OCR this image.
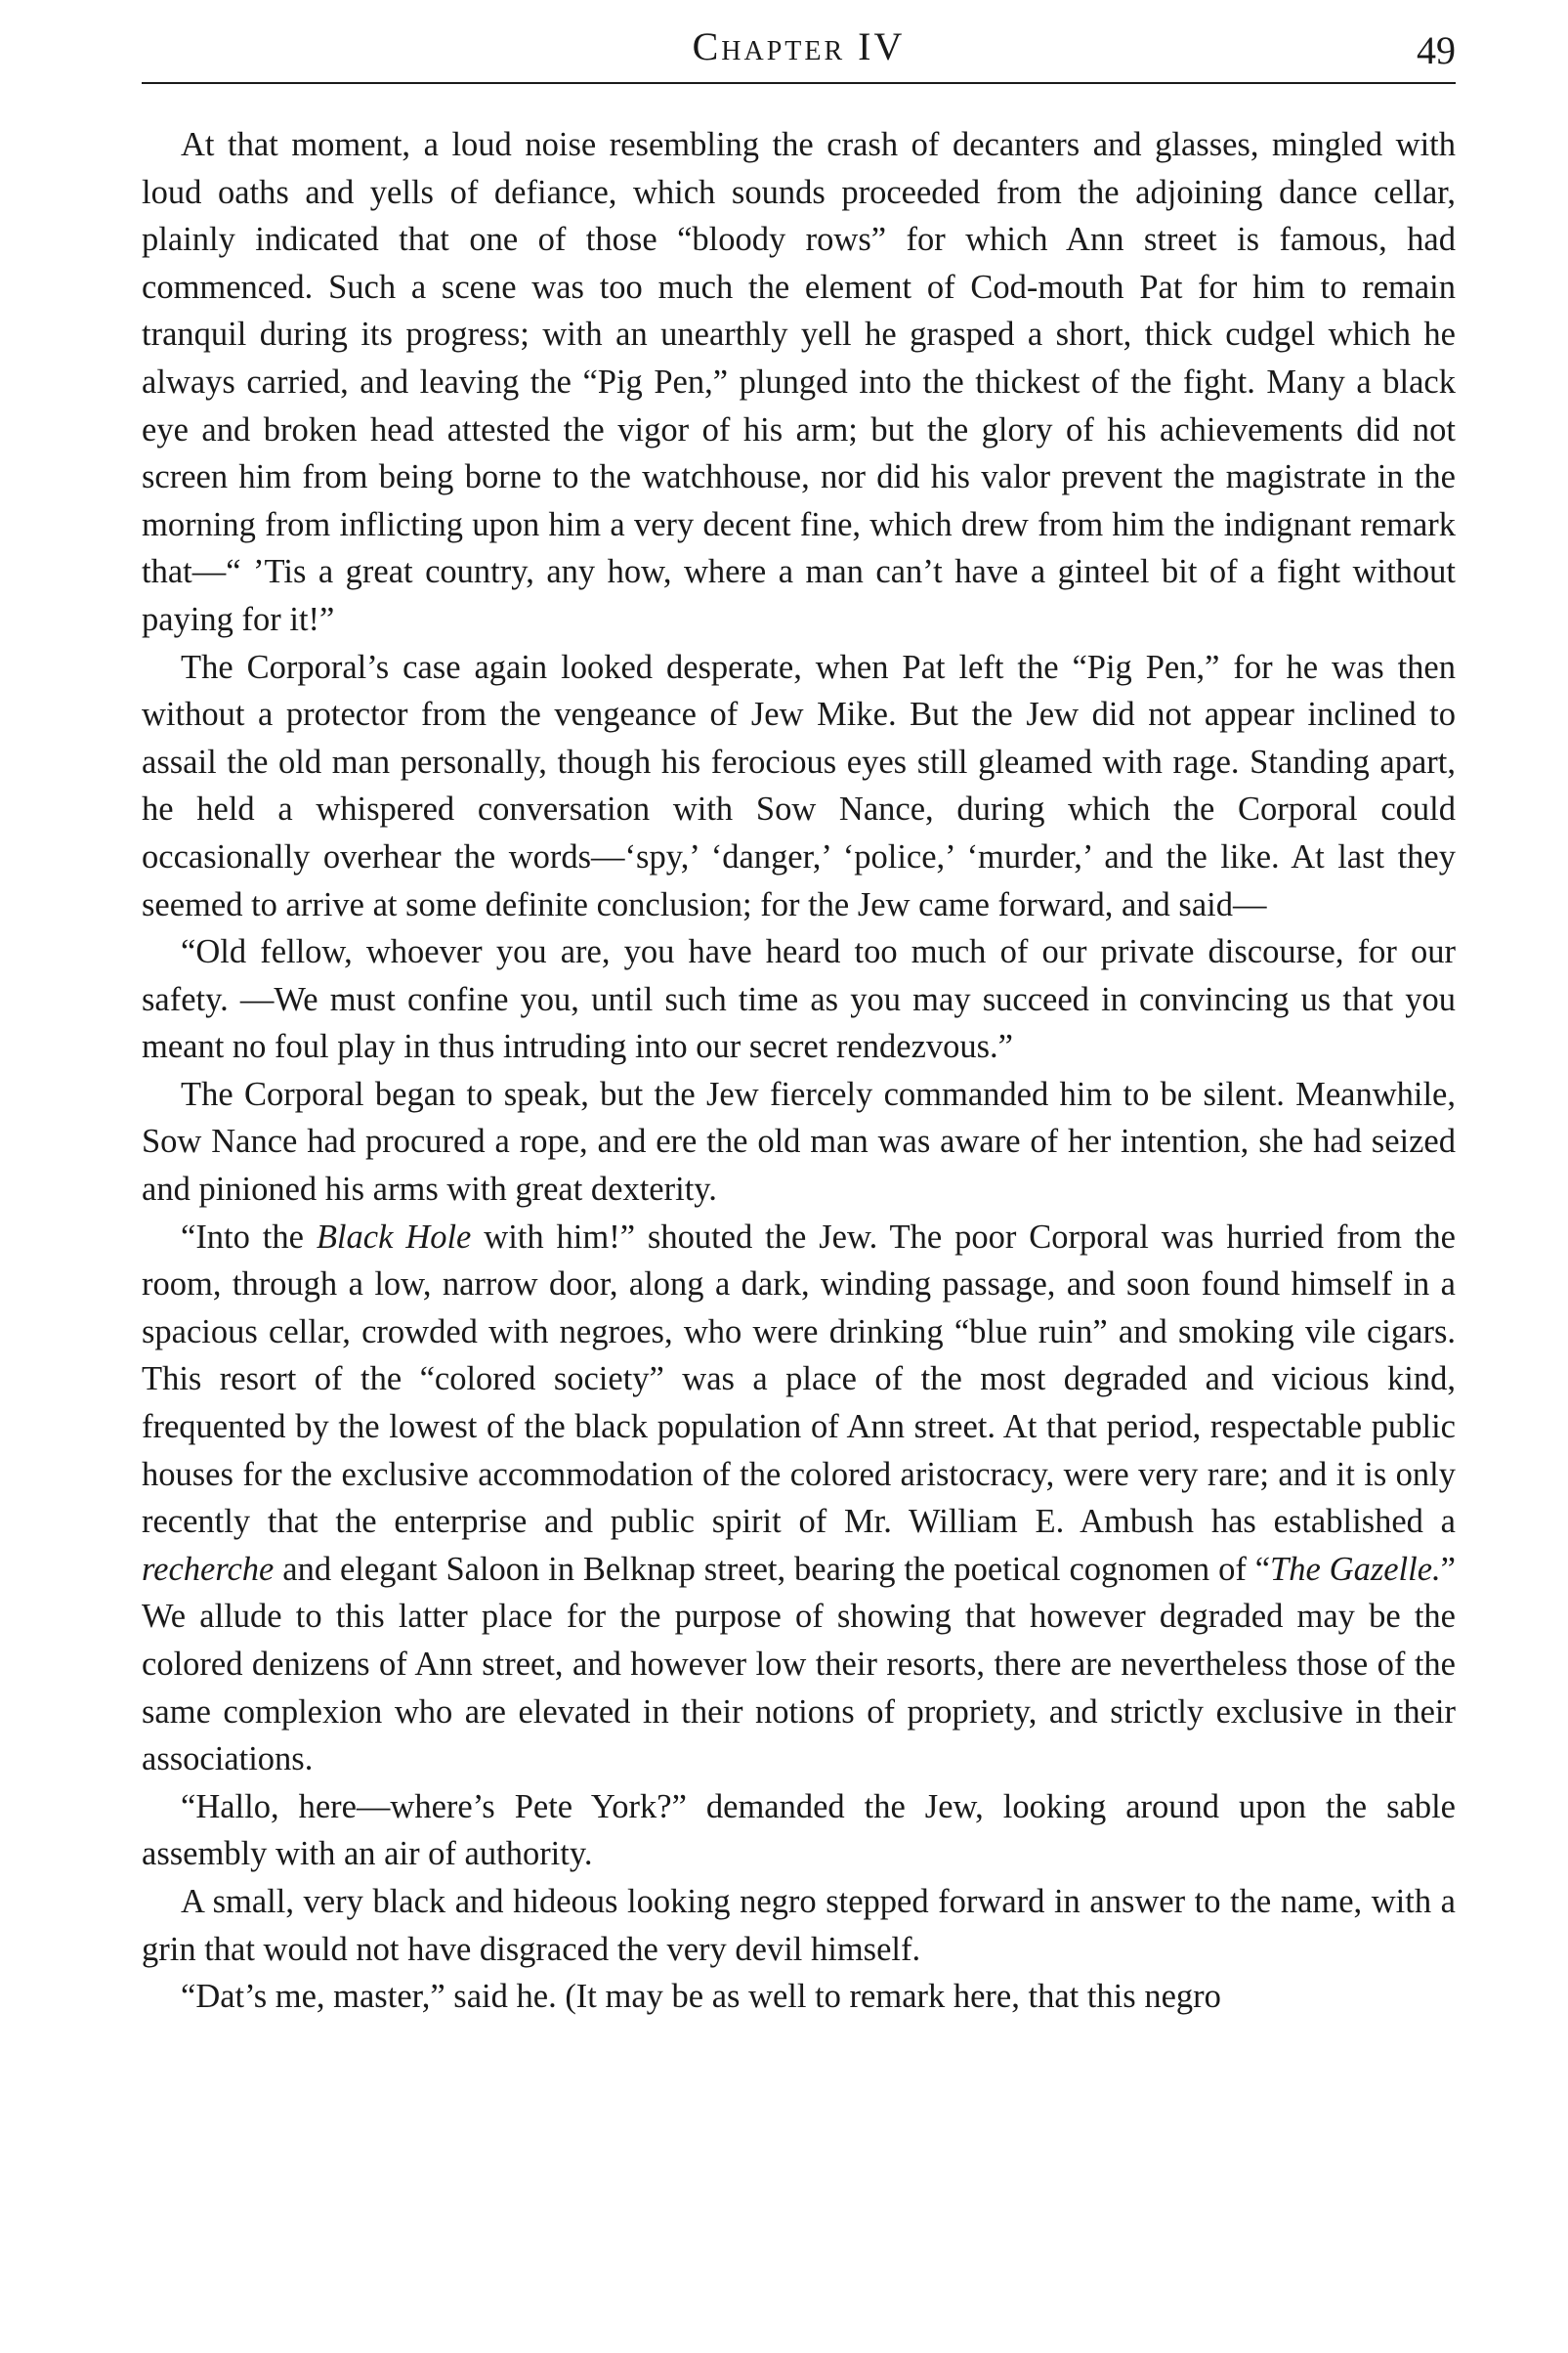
Chapter IV	49

At that moment, a loud noise resembling the crash of decanters and glasses, mingled with loud oaths and yells of defiance, which sounds proceeded from the adjoining dance cellar, plainly indicated that one of those “bloody rows” for which Ann street is famous, had commenced. Such a scene was too much the element of Cod-mouth Pat for him to remain tranquil during its progress; with an unearthly yell he grasped a short, thick cudgel which he always carried, and leaving the “Pig Pen,” plunged into the thickest of the fight. Many a black eye and broken head attested the vigor of his arm; but the glory of his achievements did not screen him from being borne to the watchhouse, nor did his valor prevent the magistrate in the morning from inflicting upon him a very decent fine, which drew from him the indignant remark that—“ ’Tis a great country, any how, where a man can’t have a ginteel bit of a fight without paying for it!”

The Corporal’s case again looked desperate, when Pat left the “Pig Pen,” for he was then without a protector from the vengeance of Jew Mike. But the Jew did not appear inclined to assail the old man personally, though his ferocious eyes still gleamed with rage. Standing apart, he held a whispered conversation with Sow Nance, during which the Corporal could occasionally overhear the words—‘spy,’ ‘danger,’ ‘police,’ ‘murder,’ and the like. At last they seemed to arrive at some definite conclusion; for the Jew came forward, and said—

“Old fellow, whoever you are, you have heard too much of our private discourse, for our safety. —We must confine you, until such time as you may succeed in convincing us that you meant no foul play in thus intruding into our secret rendezvous.”

The Corporal began to speak, but the Jew fiercely commanded him to be silent. Meanwhile, Sow Nance had procured a rope, and ere the old man was aware of her intention, she had seized and pinioned his arms with great dexterity.

“Into the Black Hole with him!” shouted the Jew. The poor Corporal was hurried from the room, through a low, narrow door, along a dark, winding passage, and soon found himself in a spacious cellar, crowded with negroes, who were drinking “blue ruin” and smoking vile cigars. This resort of the “colored society” was a place of the most degraded and vicious kind, frequented by the lowest of the black population of Ann street. At that period, respectable public houses for the exclusive accommodation of the colored aristocracy, were very rare; and it is only recently that the enterprise and public spirit of Mr. William E. Ambush has established a recherche and elegant Saloon in Belknap street, bearing the poetical cognomen of “The Gazelle.” We allude to this latter place for the purpose of showing that however degraded may be the colored denizens of Ann street, and however low their resorts, there are nevertheless those of the same complexion who are elevated in their notions of propriety, and strictly exclusive in their associations.

“Hallo, here—where’s Pete York?” demanded the Jew, looking around upon the sable assembly with an air of authority.

A small, very black and hideous looking negro stepped forward in answer to the name, with a grin that would not have disgraced the very devil himself.

“Dat’s me, master,” said he. (It may be as well to remark here, that this negro
